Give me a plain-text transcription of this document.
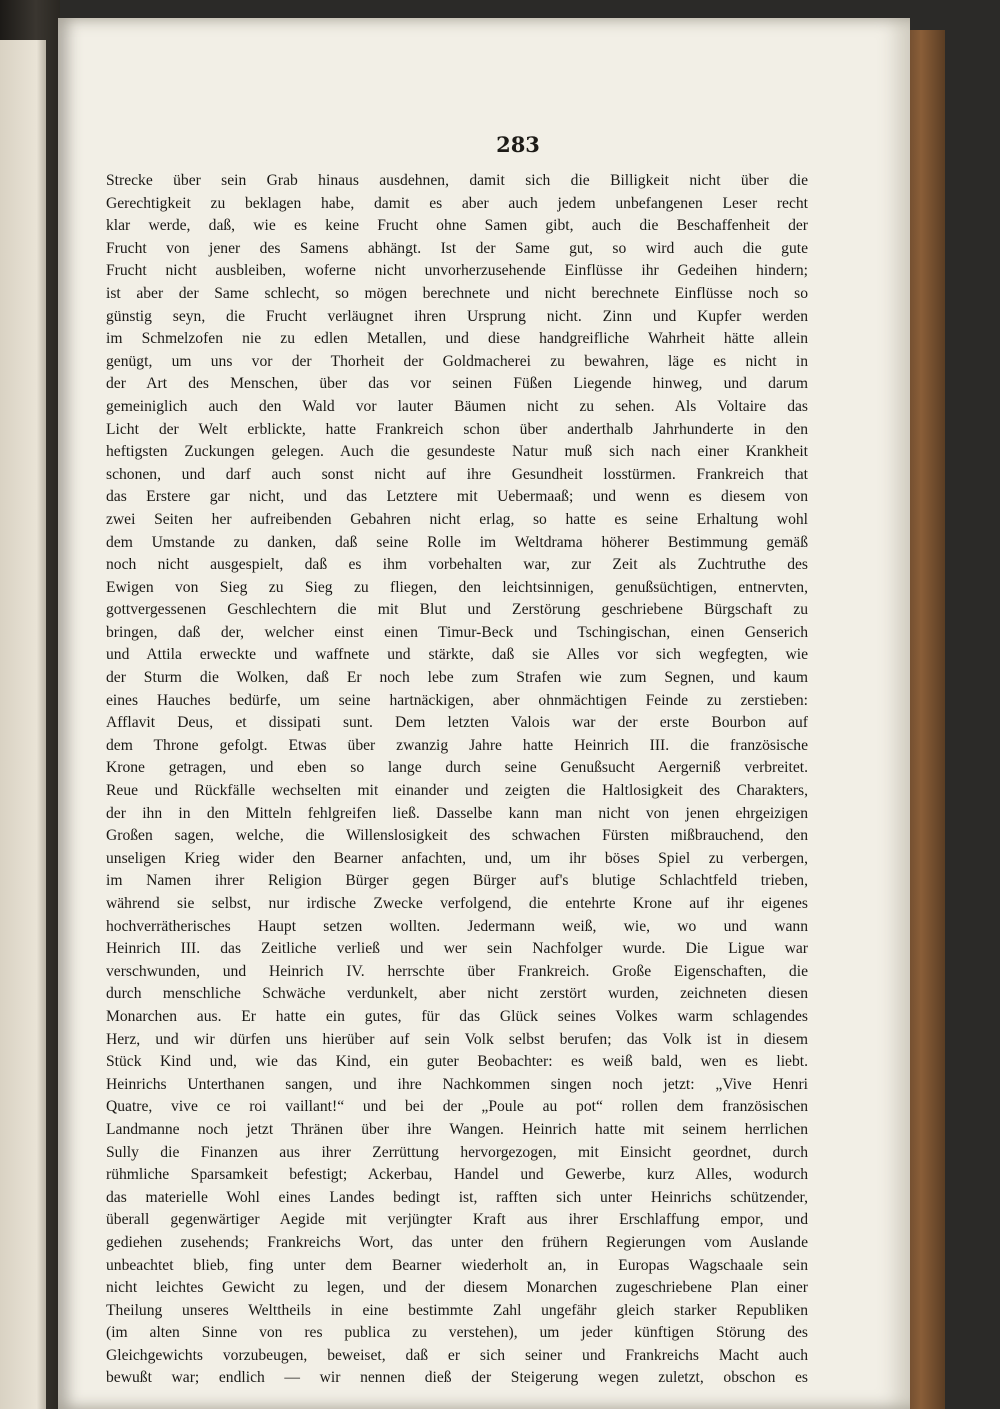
283
Strecke über sein Grab hinaus ausdehnen, damit sich die Billigkeit nicht über die
Gerechtigkeit zu beklagen habe, damit es aber auch jedem unbefangenen Leser recht
klar werde, daß, wie es keine Frucht ohne Samen gibt, auch die Beschaffenheit der
Frucht von jener des Samens abhängt. Ist der Same gut, so wird auch die gute
Frucht nicht ausbleiben, woferne nicht unvorherzusehende Einflüsse ihr Gedeihen hindern;
ist aber der Same schlecht, so mögen berechnete und nicht berechnete Einflüsse noch so
günstig seyn, die Frucht verläugnet ihren Ursprung nicht. Zinn und Kupfer werden
im Schmelzofen nie zu edlen Metallen, und diese handgreifliche Wahrheit hätte allein
genügt, um uns vor der Thorheit der Goldmacherei zu bewahren, läge es nicht in
der Art des Menschen, über das vor seinen Füßen Liegende hinweg, und darum
gemeiniglich auch den Wald vor lauter Bäumen nicht zu sehen. Als Voltaire das
Licht der Welt erblickte, hatte Frankreich schon über anderthalb Jahrhunderte in den
heftigsten Zuckungen gelegen. Auch die gesundeste Natur muß sich nach einer Krankheit
schonen, und darf auch sonst nicht auf ihre Gesundheit losstürmen. Frankreich that
das Erstere gar nicht, und das Letztere mit Uebermaaß; und wenn es diesem von
zwei Seiten her aufreibenden Gebahren nicht erlag, so hatte es seine Erhaltung wohl
dem Umstande zu danken, daß seine Rolle im Weltdrama höherer Bestimmung gemäß
noch nicht ausgespielt, daß es ihm vorbehalten war, zur Zeit als Zuchtruthe des
Ewigen von Sieg zu Sieg zu fliegen, den leichtsinnigen, genußsüchtigen, entnervten,
gottvergessenen Geschlechtern die mit Blut und Zerstörung geschriebene Bürgschaft zu
bringen, daß der, welcher einst einen Timur-Beck und Tschingischan, einen Genserich
und Attila erweckte und waffnete und stärkte, daß sie Alles vor sich wegfegten, wie
der Sturm die Wolken, daß Er noch lebe zum Strafen wie zum Segnen, und kaum
eines Hauches bedürfe, um seine hartnäckigen, aber ohnmächtigen Feinde zu zerstieben:
Afflavit Deus, et dissipati sunt. Dem letzten Valois war der erste Bourbon auf
dem Throne gefolgt. Etwas über zwanzig Jahre hatte Heinrich III. die französische
Krone getragen, und eben so lange durch seine Genußsucht Aergerniß verbreitet.
Reue und Rückfälle wechselten mit einander und zeigten die Haltlosigkeit des Charakters,
der ihn in den Mitteln fehlgreifen ließ. Dasselbe kann man nicht von jenen ehrgeizigen
Großen sagen, welche, die Willenslosigkeit des schwachen Fürsten mißbrauchend, den
unseligen Krieg wider den Bearner anfachten, und, um ihr böses Spiel zu verbergen,
im Namen ihrer Religion Bürger gegen Bürger auf's blutige Schlachtfeld trieben,
während sie selbst, nur irdische Zwecke verfolgend, die entehrte Krone auf ihr eigenes
hochverrätherisches Haupt setzen wollten. Jedermann weiß, wie, wo und wann
Heinrich III. das Zeitliche verließ und wer sein Nachfolger wurde. Die Ligue war
verschwunden, und Heinrich IV. herrschte über Frankreich. Große Eigenschaften, die
durch menschliche Schwäche verdunkelt, aber nicht zerstört wurden, zeichneten diesen
Monarchen aus. Er hatte ein gutes, für das Glück seines Volkes warm schlagendes
Herz, und wir dürfen uns hierüber auf sein Volk selbst berufen; das Volk ist in diesem
Stück Kind und, wie das Kind, ein guter Beobachter: es weiß bald, wen es liebt.
Heinrichs Unterthanen sangen, und ihre Nachkommen singen noch jetzt: „Vive Henri
Quatre, vive ce roi vaillant!“ und bei der „Poule au pot“ rollen dem französischen
Landmanne noch jetzt Thränen über ihre Wangen. Heinrich hatte mit seinem herrlichen
Sully die Finanzen aus ihrer Zerrüttung hervorgezogen, mit Einsicht geordnet, durch
rühmliche Sparsamkeit befestigt; Ackerbau, Handel und Gewerbe, kurz Alles, wodurch
das materielle Wohl eines Landes bedingt ist, rafften sich unter Heinrichs schützender,
überall gegenwärtiger Aegide mit verjüngter Kraft aus ihrer Erschlaffung empor, und
gediehen zusehends; Frankreichs Wort, das unter den frühern Regierungen vom Auslande
unbeachtet blieb, fing unter dem Bearner wiederholt an, in Europas Wagschaale sein
nicht leichtes Gewicht zu legen, und der diesem Monarchen zugeschriebene Plan einer
Theilung unseres Welttheils in eine bestimmte Zahl ungefähr gleich starker Republiken
(im alten Sinne von res publica zu verstehen), um jeder künftigen Störung des
Gleichgewichts vorzubeugen, beweiset, daß er sich seiner und Frankreichs Macht auch
bewußt war; endlich — wir nennen dieß der Steigerung wegen zuletzt, obschon es
